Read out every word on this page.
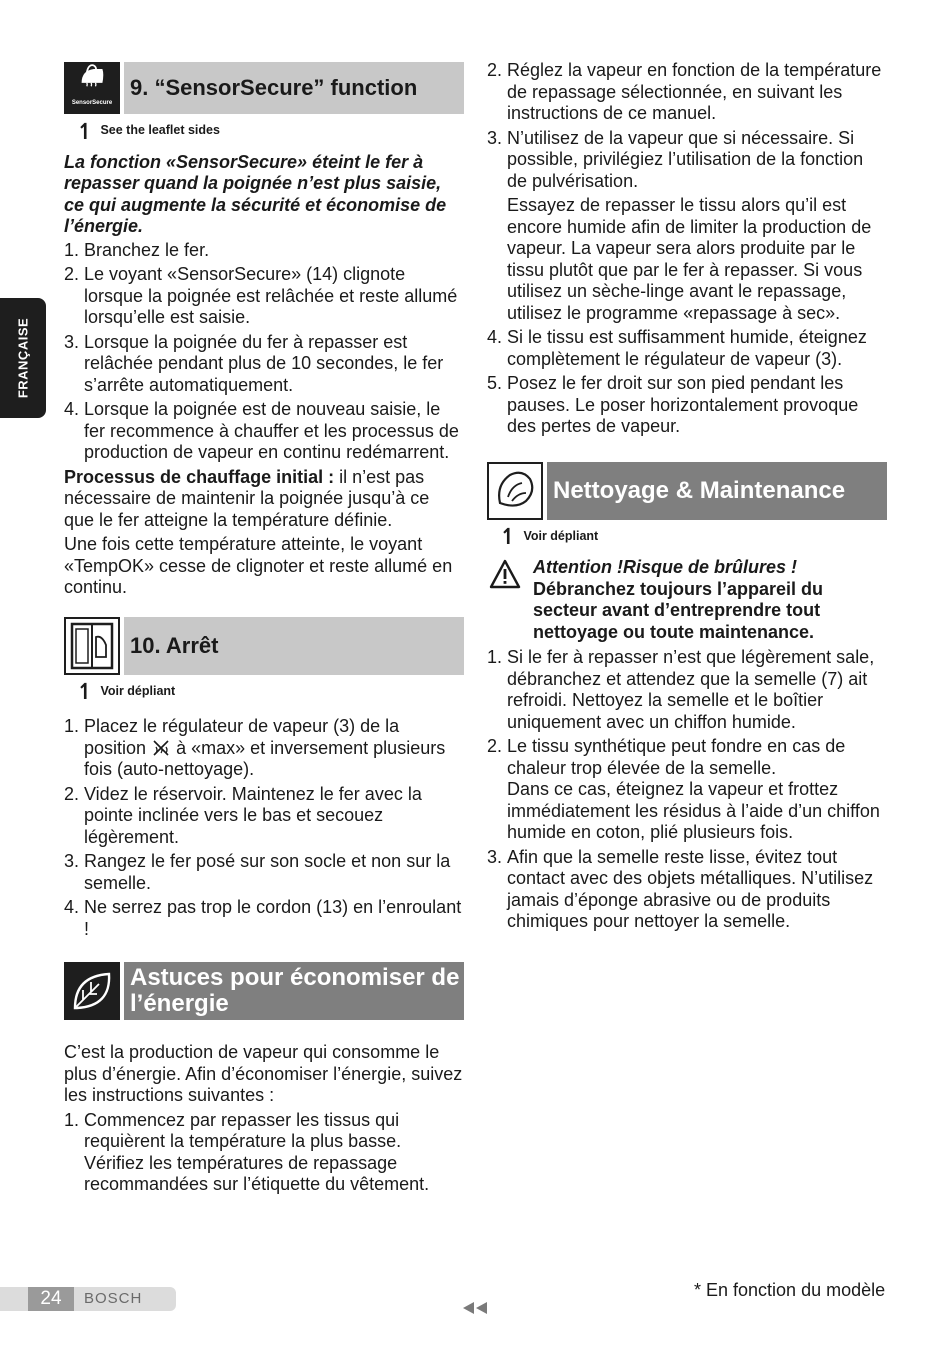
FRANÇAISE
SensorSecure
9. “SensorSecure” function
↿ See the leaflet sides

La fonction «SensorSecure» éteint le fer à repasser quand la poignée n’est plus saisie, ce qui augmente la sécurité et économise de l’énergie.

1. Branchez le fer.
2. Le voyant «SensorSecure» (14) clignote lorsque la poignée est relâchée et reste allumé lorsqu’elle est saisie.
3. Lorsque la poignée du fer à repasser est relâchée pendant plus de 10 secondes, le fer s’arrête automatiquement.
4. Lorsque la poignée est de nouveau saisie, le fer recommence à chauffer et les processus de production de vapeur en continu redémarrent.

Processus de chauffage initial : il n’est pas nécessaire de maintenir la poignée jusqu’à ce que le fer atteigne la température définie.

Une fois cette température atteinte, le voyant «TempOK» cesse de clignoter et reste allumé en continu.

10. Arrêt
↿ Voir dépliant
1. Placez le régulateur de vapeur (3) de la position à «max» et inversement plusieurs fois (auto-nettoyage).
2. Videz le réservoir. Maintenez le fer avec la pointe inclinée vers le bas et secouez légèrement.
3. Rangez le fer posé sur son socle et non sur la semelle.
4. Ne serrez pas trop le cordon (13) en l’enroulant !
Astuces pour économiser de l’énergie

C’est la production de vapeur qui consomme le plus d’énergie. Afin d’économiser l’énergie, suivez les instructions suivantes :

1. Commencez par repasser les tissus qui requièrent la température la plus basse.
Vérifiez les températures de repassage recommandées sur l’étiquette du vêtement.
2. Réglez la vapeur en fonction de la température de repassage sélectionnée, en suivant les instructions de ce manuel.
3. N’utilisez de la vapeur que si nécessaire. Si possible, privilégiez l’utilisation de la fonction de pulvérisation.
Essayez de repasser le tissu alors qu’il est encore humide afin de limiter la production de vapeur. La vapeur sera alors produite par le tissu plutôt que par le fer à repasser. Si vous utilisez un sèche-linge avant le repassage, utilisez le programme «repassage à sec».
4. Si le tissu est suffisamment humide, éteignez complètement le régulateur de vapeur (3).
5. Posez le fer droit sur son pied pendant les pauses. Le poser horizontalement provoque des pertes de vapeur.
Nettoyage & Maintenance
↿ Voir dépliant
Attention !Risque de brûlures !
Débranchez toujours l’appareil du secteur avant d’entreprendre tout nettoyage ou toute maintenance.
1. Si le fer à repasser n’est que légèrement sale, débranchez et attendez que la semelle (7) ait refroidi. Nettoyez la semelle et le boîtier uniquement avec un chiffon humide.
2. Le tissu synthétique peut fondre en cas de chaleur trop élevée de la semelle.
Dans ce cas, éteignez la vapeur et frottez immédiatement les résidus à l’aide d’un chiffon humide en coton, plié plusieurs fois.
3. Afin que la semelle reste lisse, évitez tout contact avec des objets métalliques. N’utilisez jamais d’éponge abrasive ou de produits chimiques pour nettoyer la semelle.
24	BOSCH	* En fonction du modèle
